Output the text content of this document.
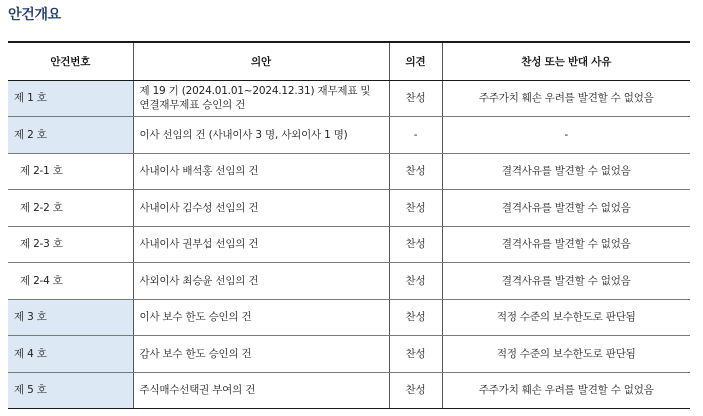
안건개요
안건번호	의안	의견	찬성 또는 반대 사유
제 1 호	제 19 기 (2024.01.01~2024.12.31) 재무제표 및 연결재무제표 승인의 건	찬성	주주가치 훼손 우려를 발견할 수 없었음
제 2 호	이사 선임의 건 (사내이사 3 명, 사외이사 1 명)	-	-
제 2-1 호	사내이사 배석홍 선임의 건	찬성	결격사유를 발견할 수 없었음
제 2-2 호	사내이사 김수성 선임의 건	찬성	결격사유를 발견할 수 없었음
제 2-3 호	사내이사 권부섭 선임의 건	찬성	결격사유를 발견할 수 없었음
제 2-4 호	사외이사 최승윤 선임의 건	찬성	결격사유를 발견할 수 없었음
제 3 호	이사 보수 한도 승인의 건	찬성	적정 수준의 보수한도로 판단됨
제 4 호	감사 보수 한도 승인의 건	찬성	적정 수준의 보수한도로 판단됨
제 5 호	주식매수선택권 부여의 건	찬성	주주가치 훼손 우려를 발견할 수 없었음
